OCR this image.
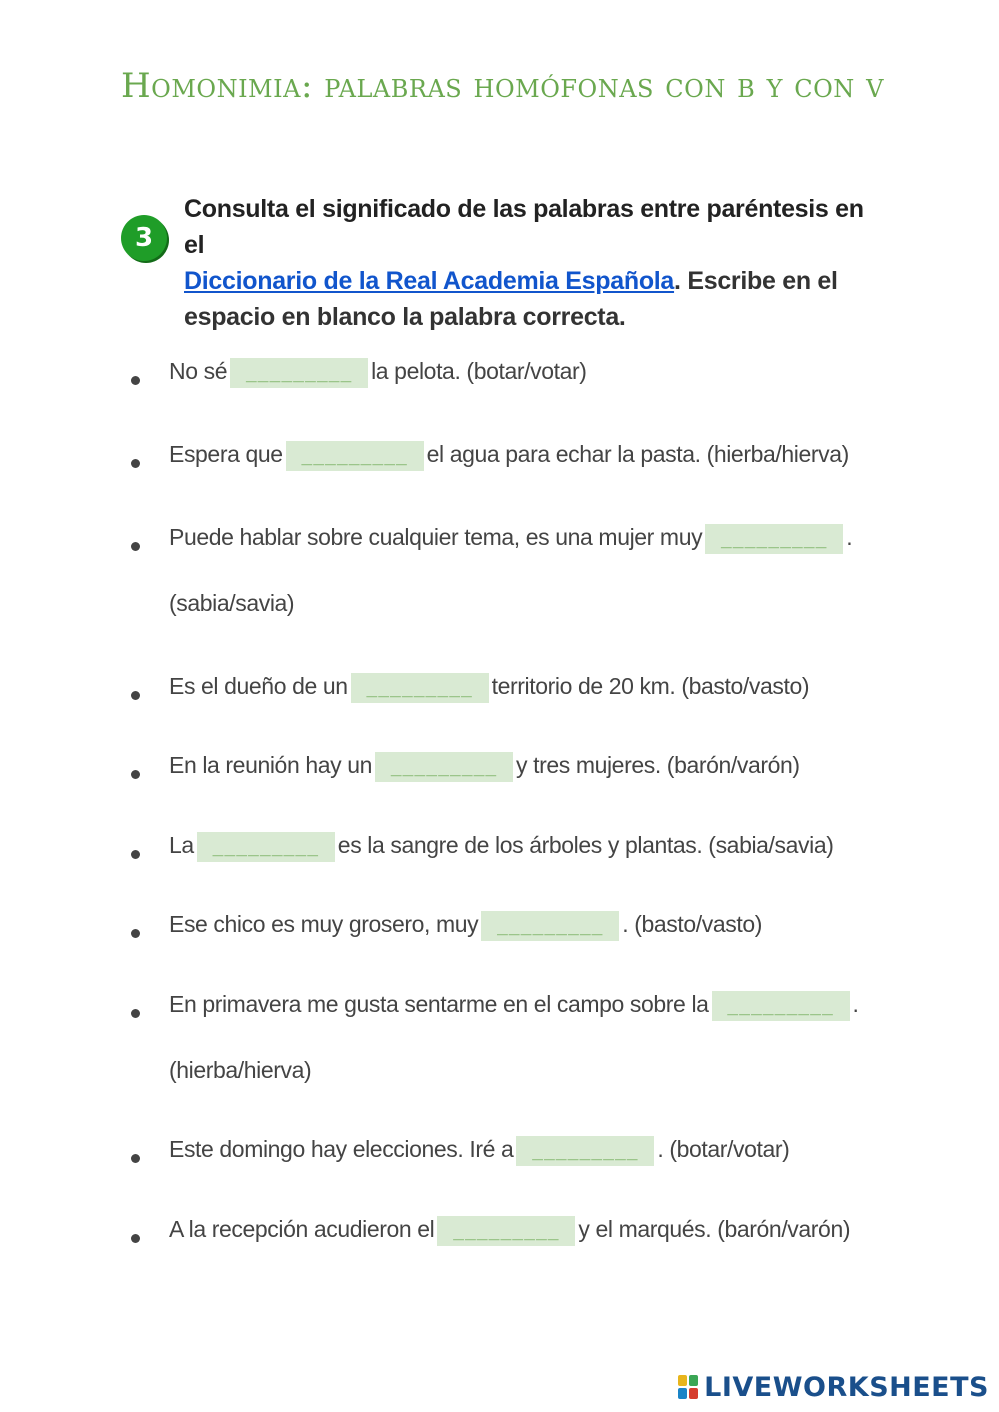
Homonimia: palabras homófonas con b y con v
3
Consulta el significado de las palabras entre paréntesis en el
Diccionario de la Real Academia Española. Escribe en el espacio en blanco la palabra correcta.
No sé _________ la pelota. (botar/votar)
Espera que _________ el agua para echar la pasta. (hierba/hierva)
Puede hablar sobre cualquier tema, es una mujer muy _________ .
(sabia/savia)
Es el dueño de un _________ territorio de 20 km. (basto/vasto)
En la reunión hay un _________ y tres mujeres. (barón/varón)
La _________ es la sangre de los árboles y plantas. (sabia/savia)
Ese chico es muy grosero, muy _________ . (basto/vasto)
En primavera me gusta sentarme en el campo sobre la _________ .
(hierba/hierva)
Este domingo hay elecciones. Iré a _________ . (botar/votar)
A la recepción acudieron el _________ y el marqués. (barón/varón)
LIVEWORKSHEETS
